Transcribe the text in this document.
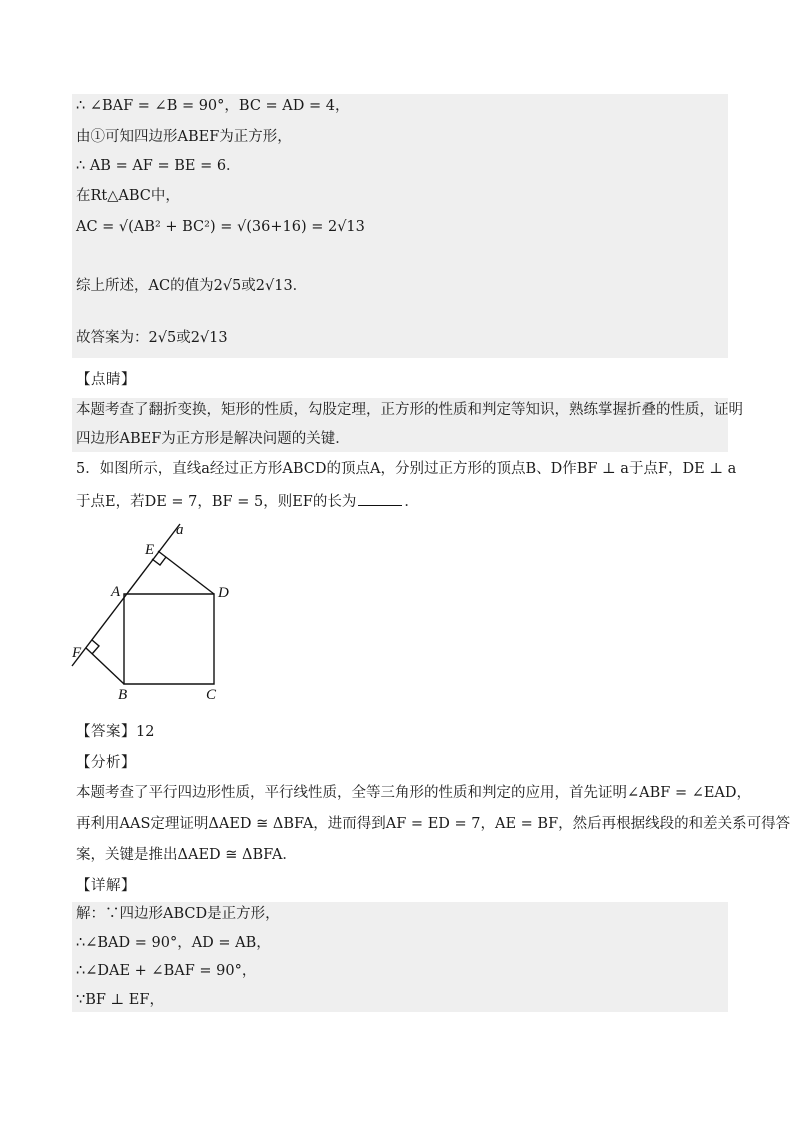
∴ ∠BAF = ∠B = 90°，BC = AD = 4，
由①可知四边形ABEF为正方形，
∴ AB = AF = BE = 6．
在Rt△ABC中，
AC = √(AB² + BC²) = √(36+16) = 2√13
综上所述，AC的值为2√5或2√13．
故答案为：2√5或2√13
【点睛】
本题考查了翻折变换，矩形的性质，勾股定理，正方形的性质和判定等知识，熟练掌握折叠的性质，证明
四边形ABEF为正方形是解决问题的关键．
5．如图所示，直线a经过正方形ABCD的顶点A，分别过正方形的顶点B、D作BF ⊥ a于点F，DE ⊥ a
于点E，若DE = 7，BF = 5，则EF的长为	．
a
E
A	D
F
B	C
【答案】12
【分析】
本题考查了平行四边形性质，平行线性质，全等三角形的性质和判定的应用，首先证明∠ABF = ∠EAD，
再利用AAS定理证明ΔAED ≅ ΔBFA，进而得到AF = ED = 7，AE = BF，然后再根据线段的和差关系可得答
案，关键是推出ΔAED ≅ ΔBFA．
【详解】
解：∵四边形ABCD是正方形，
∴∠BAD = 90°，AD = AB，
∴∠DAE + ∠BAF = 90°，
∵BF ⊥ EF，
